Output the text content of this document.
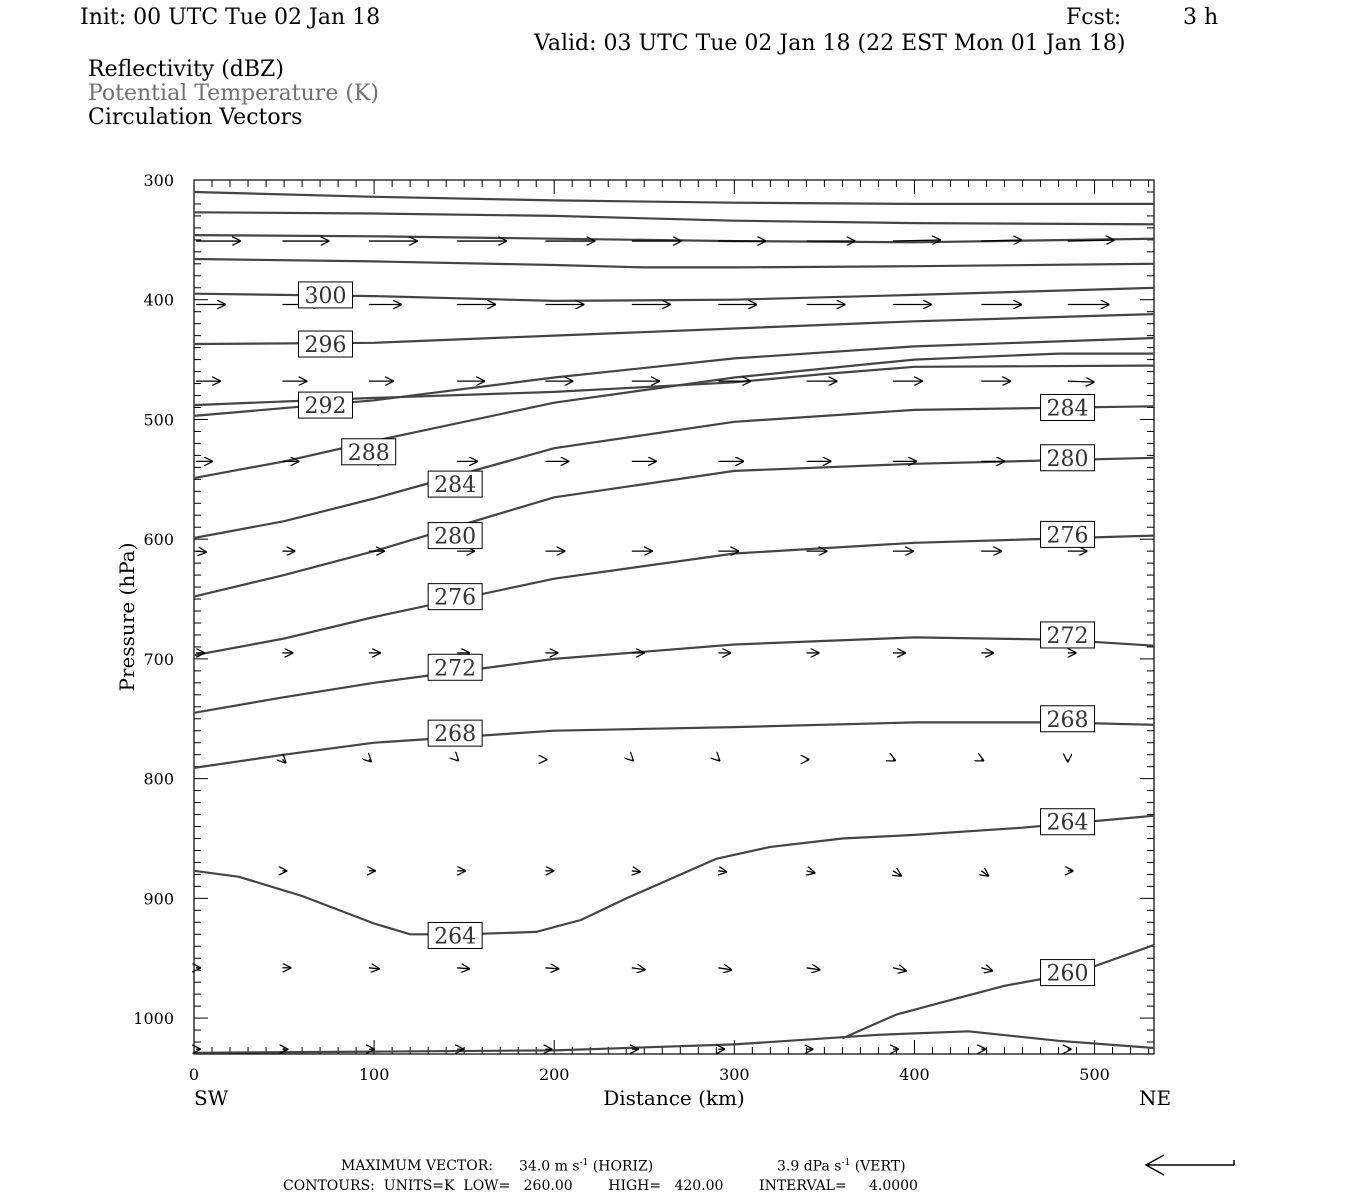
Init: 00 UTC Tue 02 Jan 18	Fcst:	3 h
Valid: 03 UTC Tue 02 Jan 18 (22 EST Mon 01 Jan 18)
Reflectivity (dBZ)
Potential Temperature (K)
Circulation Vectors
300
400
500
600
700
800
900
1000
0	100	200	300	400	500
300
296
292
288
284
280
276
272
268
264
284
280
276
272
268
264
260
Pressure (hPa)
Distance (km)
SW	NE
MAXIMUM VECTOR: 34.0 m $s^{-1}$ (HORIZ)	3.9 dPa $s^{-1}$ (VERT)
CONTOURS:  UNITS=K  LOW=   260.00        HIGH=   420.00        INTERVAL=     4.0000
